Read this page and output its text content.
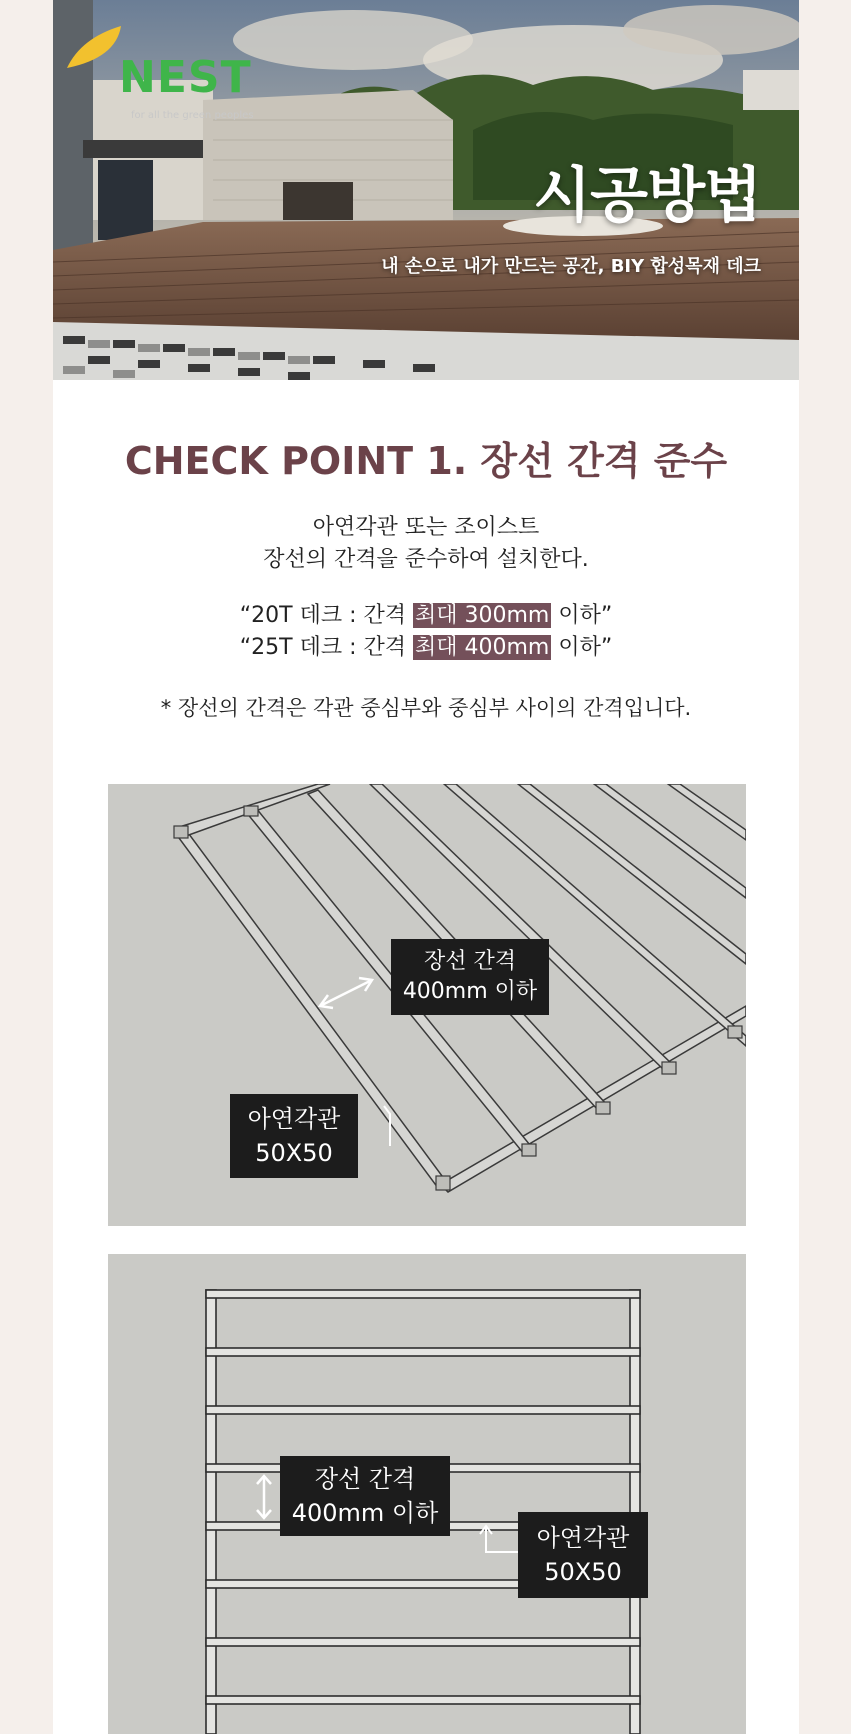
NEST
for all the green peoples
시공방법
내 손으로 내가 만드는 공간, BIY 합성목재 데크
CHECK POINT 1. 장선 간격 준수
아연각관 또는 조이스트
장선의 간격을 준수하여 설치한다.
“20T 데크 : 간격 최대 300mm 이하”
“25T 데크 : 간격 최대 400mm 이하”
* 장선의 간격은 각관 중심부와 중심부 사이의 간격입니다.
장선 간격
400mm 이하
아연각관
50X50
장선 간격
400mm 이하
아연각관
50X50
